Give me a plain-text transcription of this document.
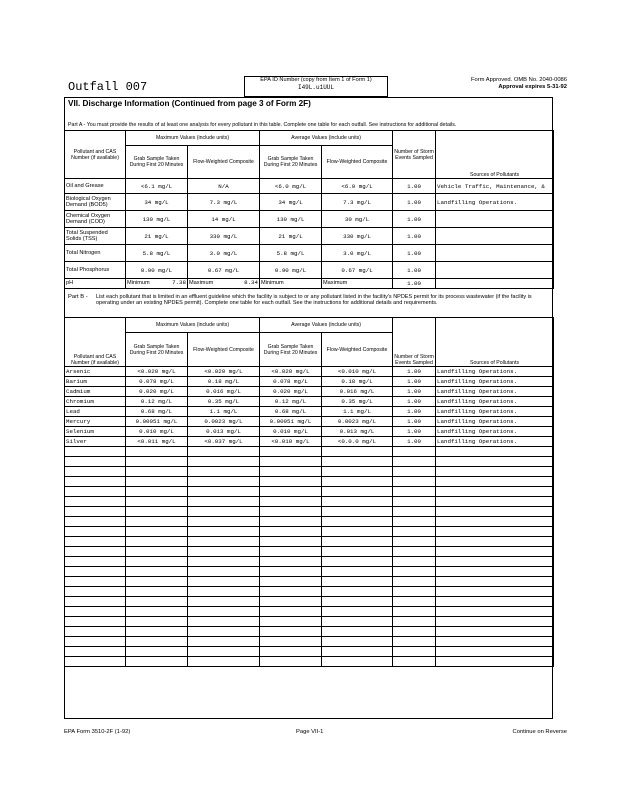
Outfall 007	EPA ID Number (copy from Item 1 of Form 1)
I49L.u1UUL
Form Approved. OMB No. 2040-0086
Approval expires 5-31-92
VII. Discharge Information (Continued from page 3 of Form 2F)
Part A - You must provide the results of at least one analysis for every pollutant in this table. Complete one table for each outfall. See instructions for additional details.
Pollutant and CAS Number (if available)	Maximum Values (include units)		Average Values (include units)		Number of Storm Events Sampled	Sources of Pollutants
	Grab Sample Taken During First 20 Minutes	Flow-Weighted Composite	Grab Sample Taken During First 20 Minutes	Flow-Weighted Composite		
Oil and Grease	<6.1 mg/L	N/A	<6.0 mg/L	<6.0 mg/L	1.00	Vehicle Traffic, Maintenance, &
Biological Oxygen Demand (BOD5)	34 mg/L	7.3 mg/L	34 mg/L	7.3 mg/L	1.00	Landfilling Operations.
Chemical Oxygen Demand (COD)	130 mg/L	14 mg/L	130 mg/L	30 mg/L	1.00	
Total Suspended Solids (TSS)	21 mg/L	330 mg/L	21 mg/L	330 mg/L	1.00	
Total Nitrogen	5.8 mg/L	3.0 mg/L	5.8 mg/L	3.0 mg/L	1.00	
Total Phosphorus	0.90 mg/L	0.67 mg/L	0.90 mg/L	0.67 mg/L	1.00	
pH	Minimum 7.38	Maximum 8.34	Minimum	Maximum	1.00	
Part B - List each pollutant that is limited in an effluent guideline which the facility is subject to or any pollutant listed in the facility's NPDES permit for its process wastewater (if the facility is operating under an existing NPDES permit). Complete one table for each outfall. See the instructions for additional details and requirements.
Pollutant and CAS Number (if available)	Maximum Values (include units)		Average Values (include units)		Number of Storm Events Sampled	Sources of Pollutants
	Grab Sample Taken During First 20 Minutes	Flow-Weighted Composite	Grab Sample Taken During First 20 Minutes	Flow-Weighted Composite		
Arsenic	<0.020 mg/L	<0.020 mg/L	<0.020 mg/L	<0.010 mg/L	1.00	Landfilling Operations.
Barium	0.078 mg/L	0.18 mg/L	0.078 mg/L	0.18 mg/L	1.00	Landfilling Operations.
Cadmium	0.020 mg/L	0.016 mg/L	0.020 mg/L	0.016 mg/L	1.00	Landfilling Operations.
Chromium	0.12 mg/L	0.35 mg/L	0.12 mg/L	0.35 mg/L	1.00	Landfilling Operations.
Lead	0.68 mg/L	1.1 mg/L	0.68 mg/L	1.1 mg/L	1.00	Landfilling Operations.
Mercury	0.00051 mg/L	0.0023 mg/L	0.00051 mg/L	0.0023 mg/L	1.00	Landfilling Operations.
Selenium	0.010 mg/L	0.013 mg/L	0.010 mg/L	0.013 mg/L	1.00	Landfilling Operations.
Silver	<0.011 mg/L	<0.037 mg/L	<0.010 mg/L	<0.0.0 mg/L	1.00	Landfilling Operations.

EPA Form 3510-2F (1-92)	Page VII-1	Continue on Reverse
